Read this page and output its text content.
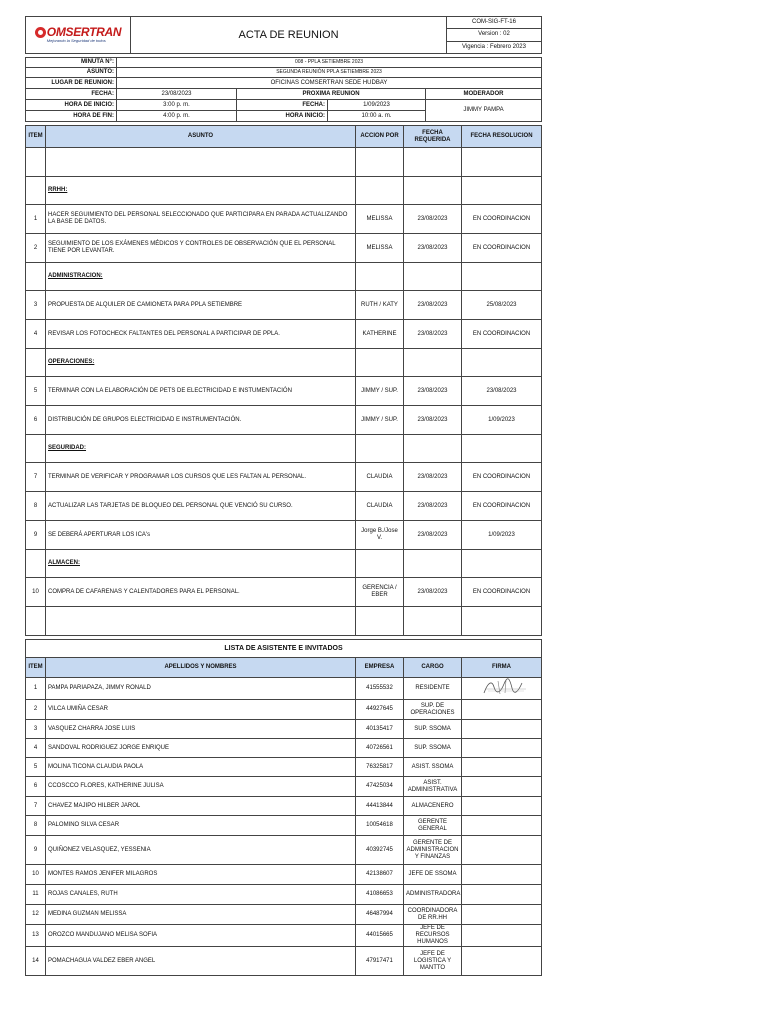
OMSERTRAN
Mejorando la Seguridad de todos	ACTA DE REUNION	COM-SIG-FT-16
Version : 02
Vigencia : Febrero 2023
MINUTA N°:	008 - PPLA SETIEMBRE 2023			
ASUNTO:	SEGUNDA REUNIÓN PPLA SETIEMBRE 2023			
LUGAR DE REUNION:	OFICINAS COMSERTRAN SEDE HUDBAY			
FECHA:	23/08/2023	PROXIMA REUNION		MODERADOR
HORA DE INICIO:	3:00 p. m.	FECHA:	1/09/2023	JIMMY PAMPA
HORA DE FIN:	4:00 p. m.	HORA INICIO:	10:00 a. m.	
ITEM	ASUNTO	ACCION POR	FECHA REQUERIDA	FECHA RESOLUCION

	RRHH:			
1	HACER SEGUIMIENTO DEL PERSONAL SELECCIONADO QUE PARTICIPARA EN PARADA ACTUALIZANDO LA BASE DE DATOS.	MELISSA	23/08/2023	EN COORDINACION
2	SEGUIMIENTO DE LOS EXÁMENES MÉDICOS Y CONTROLES DE OBSERVACIÓN QUE EL PERSONAL TIENE POR LEVANTAR.	MELISSA	23/08/2023	EN COORDINACION
	ADMINISTRACION:			
3	PROPUESTA DE ALQUILER DE CAMIONETA PARA PPLA SETIEMBRE	RUTH / KATY	23/08/2023	25/08/2023
4	REVISAR LOS FOTOCHECK FALTANTES DEL PERSONAL A PARTICIPAR DE PPLA.	KATHERINE	23/08/2023	EN COORDINACION
	OPERACIONES:			
5	TERMINAR CON LA ELABORACIÓN DE PETS DE ELECTRICIDAD E INSTUMENTACIÓN	JIMMY / SUP.	23/08/2023	23/08/2023
6	DISTRIBUCIÓN DE GRUPOS ELECTRICIDAD E INSTRUMENTACIÓN.	JIMMY / SUP.	23/08/2023	1/09/2023
	SEGURIDAD:			
7	TERMINAR DE VERIFICAR Y PROGRAMAR LOS CURSOS QUE LES FALTAN AL PERSONAL.	CLAUDIA	23/08/2023	EN COORDINACION
8	ACTUALIZAR LAS TARJETAS DE BLOQUEO DEL PERSONAL QUE VENCIÓ SU CURSO.	CLAUDIA	23/08/2023	EN COORDINACION
9	SE DEBERÁ APERTURAR LOS ICA's	Jorge B./Jose V.	23/08/2023	1/09/2023
	ALMACEN:			
10	COMPRA DE CAFARENAS Y CALENTADORES PARA EL PERSONAL.	GERENCIA / EBER	23/08/2023	EN COORDINACION

LISTA DE ASISTENTE E INVITADOS				
ITEM	APELLIDOS Y NOMBRES	EMPRESA	CARGO	FIRMA
1	PAMPA PARIAPAZA, JIMMY RONALD	41555532	RESIDENTE	
2	VILCA UMIÑA CESAR	44927645	SUP. DE OPERACIONES	
3	VASQUEZ CHARRA JOSE LUIS	40135417	SUP. SSOMA	
4	SANDOVAL RODRIGUEZ JORGE ENRIQUE	40726561	SUP. SSOMA	
5	MOLINA TICONA CLAUDIA PAOLA	76325817	ASIST. SSOMA	
6	CCOSCCO FLORES, KATHERINE JULISA	47425034	ASIST. ADMINISTRATIVA	
7	CHAVEZ MAJIPO HILBER JAROL	44413844	ALMACENERO	
8	PALOMINO SILVA CESAR	10054618	GERENTE GENERAL	
9	QUIÑONEZ VELASQUEZ, YESSENIA	40392745	GERENTE DE ADMINISTRACION Y FINANZAS	
10	MONTES RAMOS JENIFER MILAGROS	42138607	JEFE DE SSOMA	
11	ROJAS CANALES, RUTH	41086653	ADMINISTRADORA	
12	MEDINA GUZMAN MELISSA	46487994	COORDINADORA DE RR.HH	
13	OROZCO MANDUJANO MELISA SOFIA	44015665	JEFE DE RECURSOS HUMANOS	
14	POMACHAGUA VALDEZ EBER ANGEL	47917471	JEFE DE LOGISTICA Y MANTTO	
